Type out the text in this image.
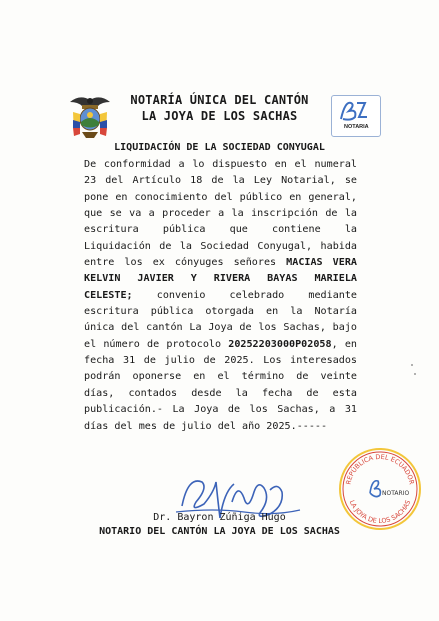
NOTARÍA ÚNICA DEL CANTÓN
LA JOYA DE LOS SACHAS
NOTARIA
LIQUIDACIÓN DE LA SOCIEDAD CONYUGAL
De conformidad a lo dispuesto en el numeral 23 del Artículo 18 de la Ley Notarial, se pone en conocimiento del público en general, que se va a proceder a la inscripción de la escritura pública que contiene la Liquidación de la Sociedad Conyugal, habida entre los ex cónyuges señores MACIAS VERA KELVIN JAVIER Y RIVERA BAYAS MARIELA CELESTE; convenio celebrado mediante escritura pública otorgada en la Notaría única del cantón La Joya de los Sachas, bajo el número de protocolo 20252203000P02058, en fecha 31 de julio de 2025. Los interesados podrán oponerse en el término de veinte días, contados desde la fecha de esta publicación.- La Joya de los Sachas, a 31 días del mes de julio del año 2025.-----
REPÚBLICA DEL ECUADOR
LA JOYA DE LOS SACHAS
NOTARIO
Dr. Bayron Zúñiga Hugo
NOTARIO DEL CANTÓN LA JOYA DE LOS SACHAS
